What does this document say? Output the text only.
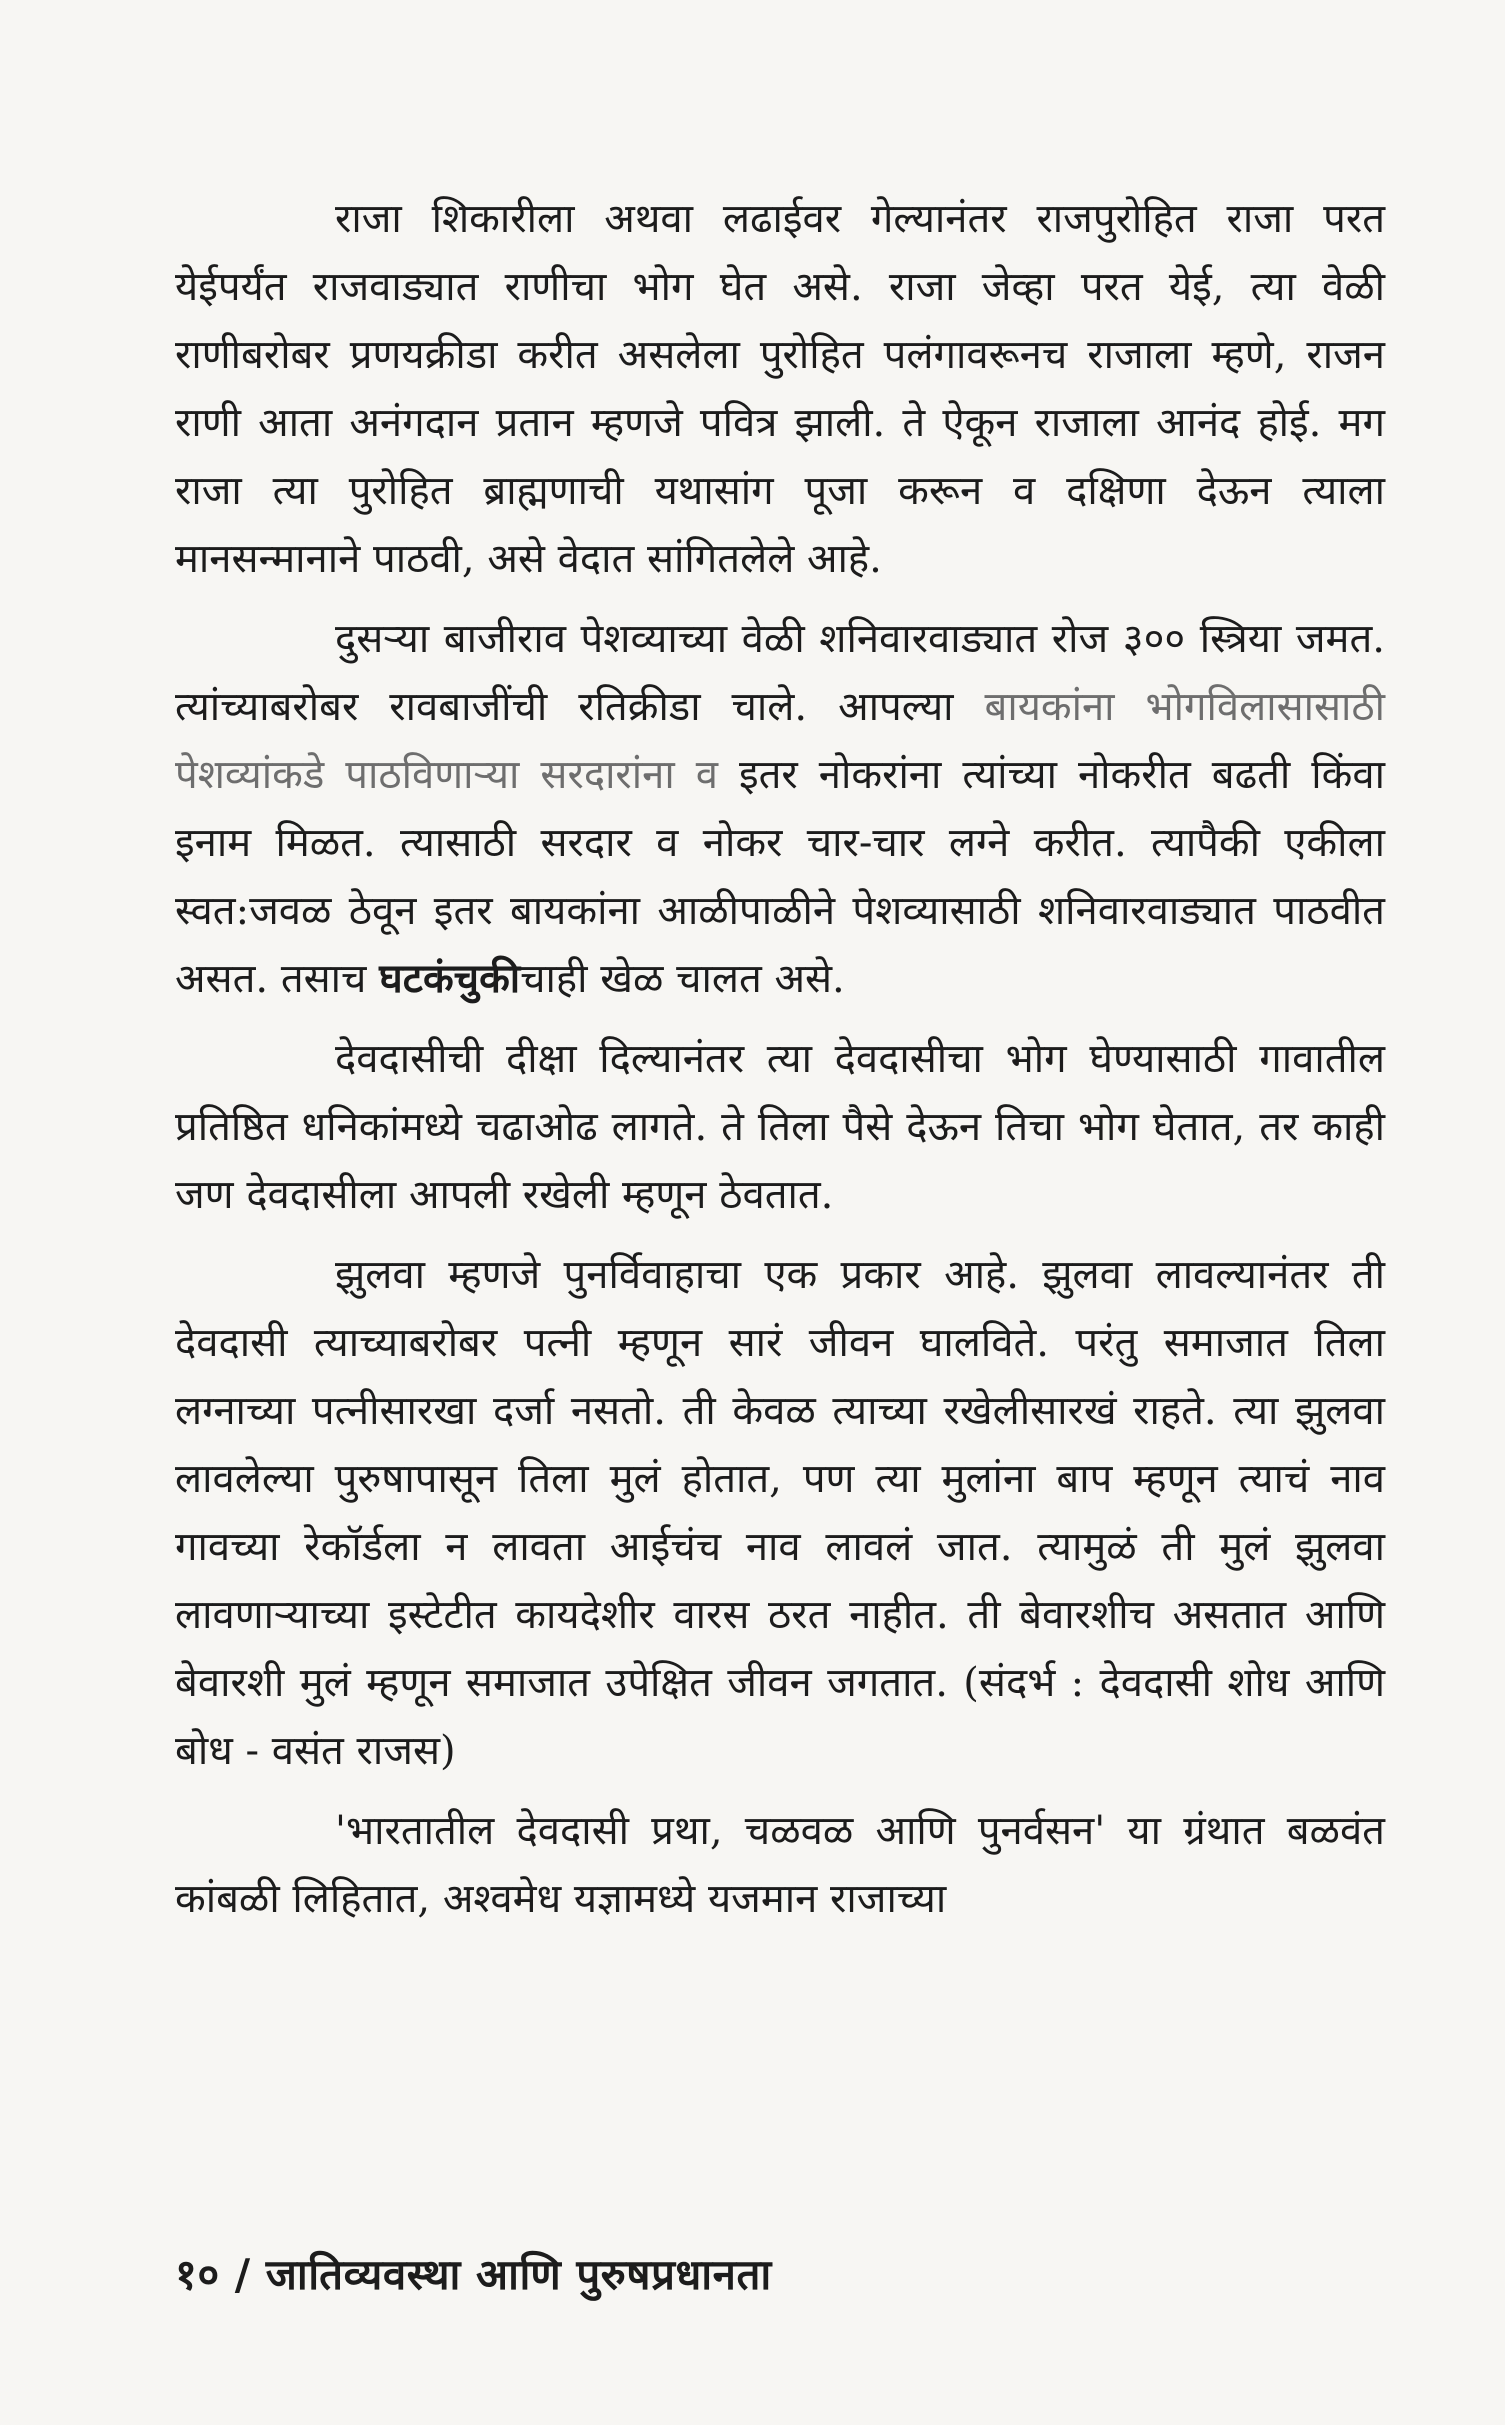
राजा शिकारीला अथवा लढाईवर गेल्यानंतर राजपुरोहित राजा परत येईपर्यंत राजवाड्यात राणीचा भोग घेत असे. राजा जेव्हा परत येई, त्या वेळी राणीबरोबर प्रणयक्रीडा करीत असलेला पुरोहित पलंगावरूनच राजाला म्हणे, राजन राणी आता अनंगदान प्रतान म्हणजे पवित्र झाली. ते ऐकून राजाला आनंद होई. मग राजा त्या पुरोहित ब्राह्मणाची यथासांग पूजा करून व दक्षिणा देऊन त्याला मानसन्मानाने पाठवी, असे वेदात सांगितलेले आहे.

दुसऱ्या बाजीराव पेशव्याच्या वेळी शनिवारवाड्यात रोज ३०० स्त्रिया जमत. त्यांच्याबरोबर रावबाजींची रतिक्रीडा चाले. आपल्या बायकांना भोगविलासासाठी पेशव्यांकडे पाठविणाऱ्या सरदारांना व इतर नोकरांना त्यांच्या नोकरीत बढती किंवा इनाम मिळत. त्यासाठी सरदार व नोकर चार-चार लग्ने करीत. त्यापैकी एकीला स्वत:जवळ ठेवून इतर बायकांना आळीपाळीने पेशव्यासाठी शनिवारवाड्यात पाठवीत असत. तसाच घटकंचुकीचाही खेळ चालत असे.

देवदासीची दीक्षा दिल्यानंतर त्या देवदासीचा भोग घेण्यासाठी गावातील प्रतिष्ठित धनिकांमध्ये चढाओढ लागते. ते तिला पैसे देऊन तिचा भोग घेतात, तर काही जण देवदासीला आपली रखेली म्हणून ठेवतात.

झुलवा म्हणजे पुनर्विवाहाचा एक प्रकार आहे. झुलवा लावल्यानंतर ती देवदासी त्याच्याबरोबर पत्नी म्हणून सारं जीवन घालविते. परंतु समाजात तिला लग्नाच्या पत्नीसारखा दर्जा नसतो. ती केवळ त्याच्या रखेलीसारखं राहते. त्या झुलवा लावलेल्या पुरुषापासून तिला मुलं होतात, पण त्या मुलांना बाप म्हणून त्याचं नाव गावच्या रेकॉर्डला न लावता आईचंच नाव लावलं जात. त्यामुळं ती मुलं झुलवा लावणाऱ्याच्या इस्टेटीत कायदेशीर वारस ठरत नाहीत. ती बेवारशीच असतात आणि बेवारशी मुलं म्हणून समाजात उपेक्षित जीवन जगतात. (संदर्भ : देवदासी शोध आणि बोध - वसंत राजस)

'भारतातील देवदासी प्रथा, चळवळ आणि पुनर्वसन' या ग्रंथात बळवंत कांबळी लिहितात, अश्वमेध यज्ञामध्ये यजमान राजाच्या

१० / जातिव्यवस्था आणि पुरुषप्रधानता
